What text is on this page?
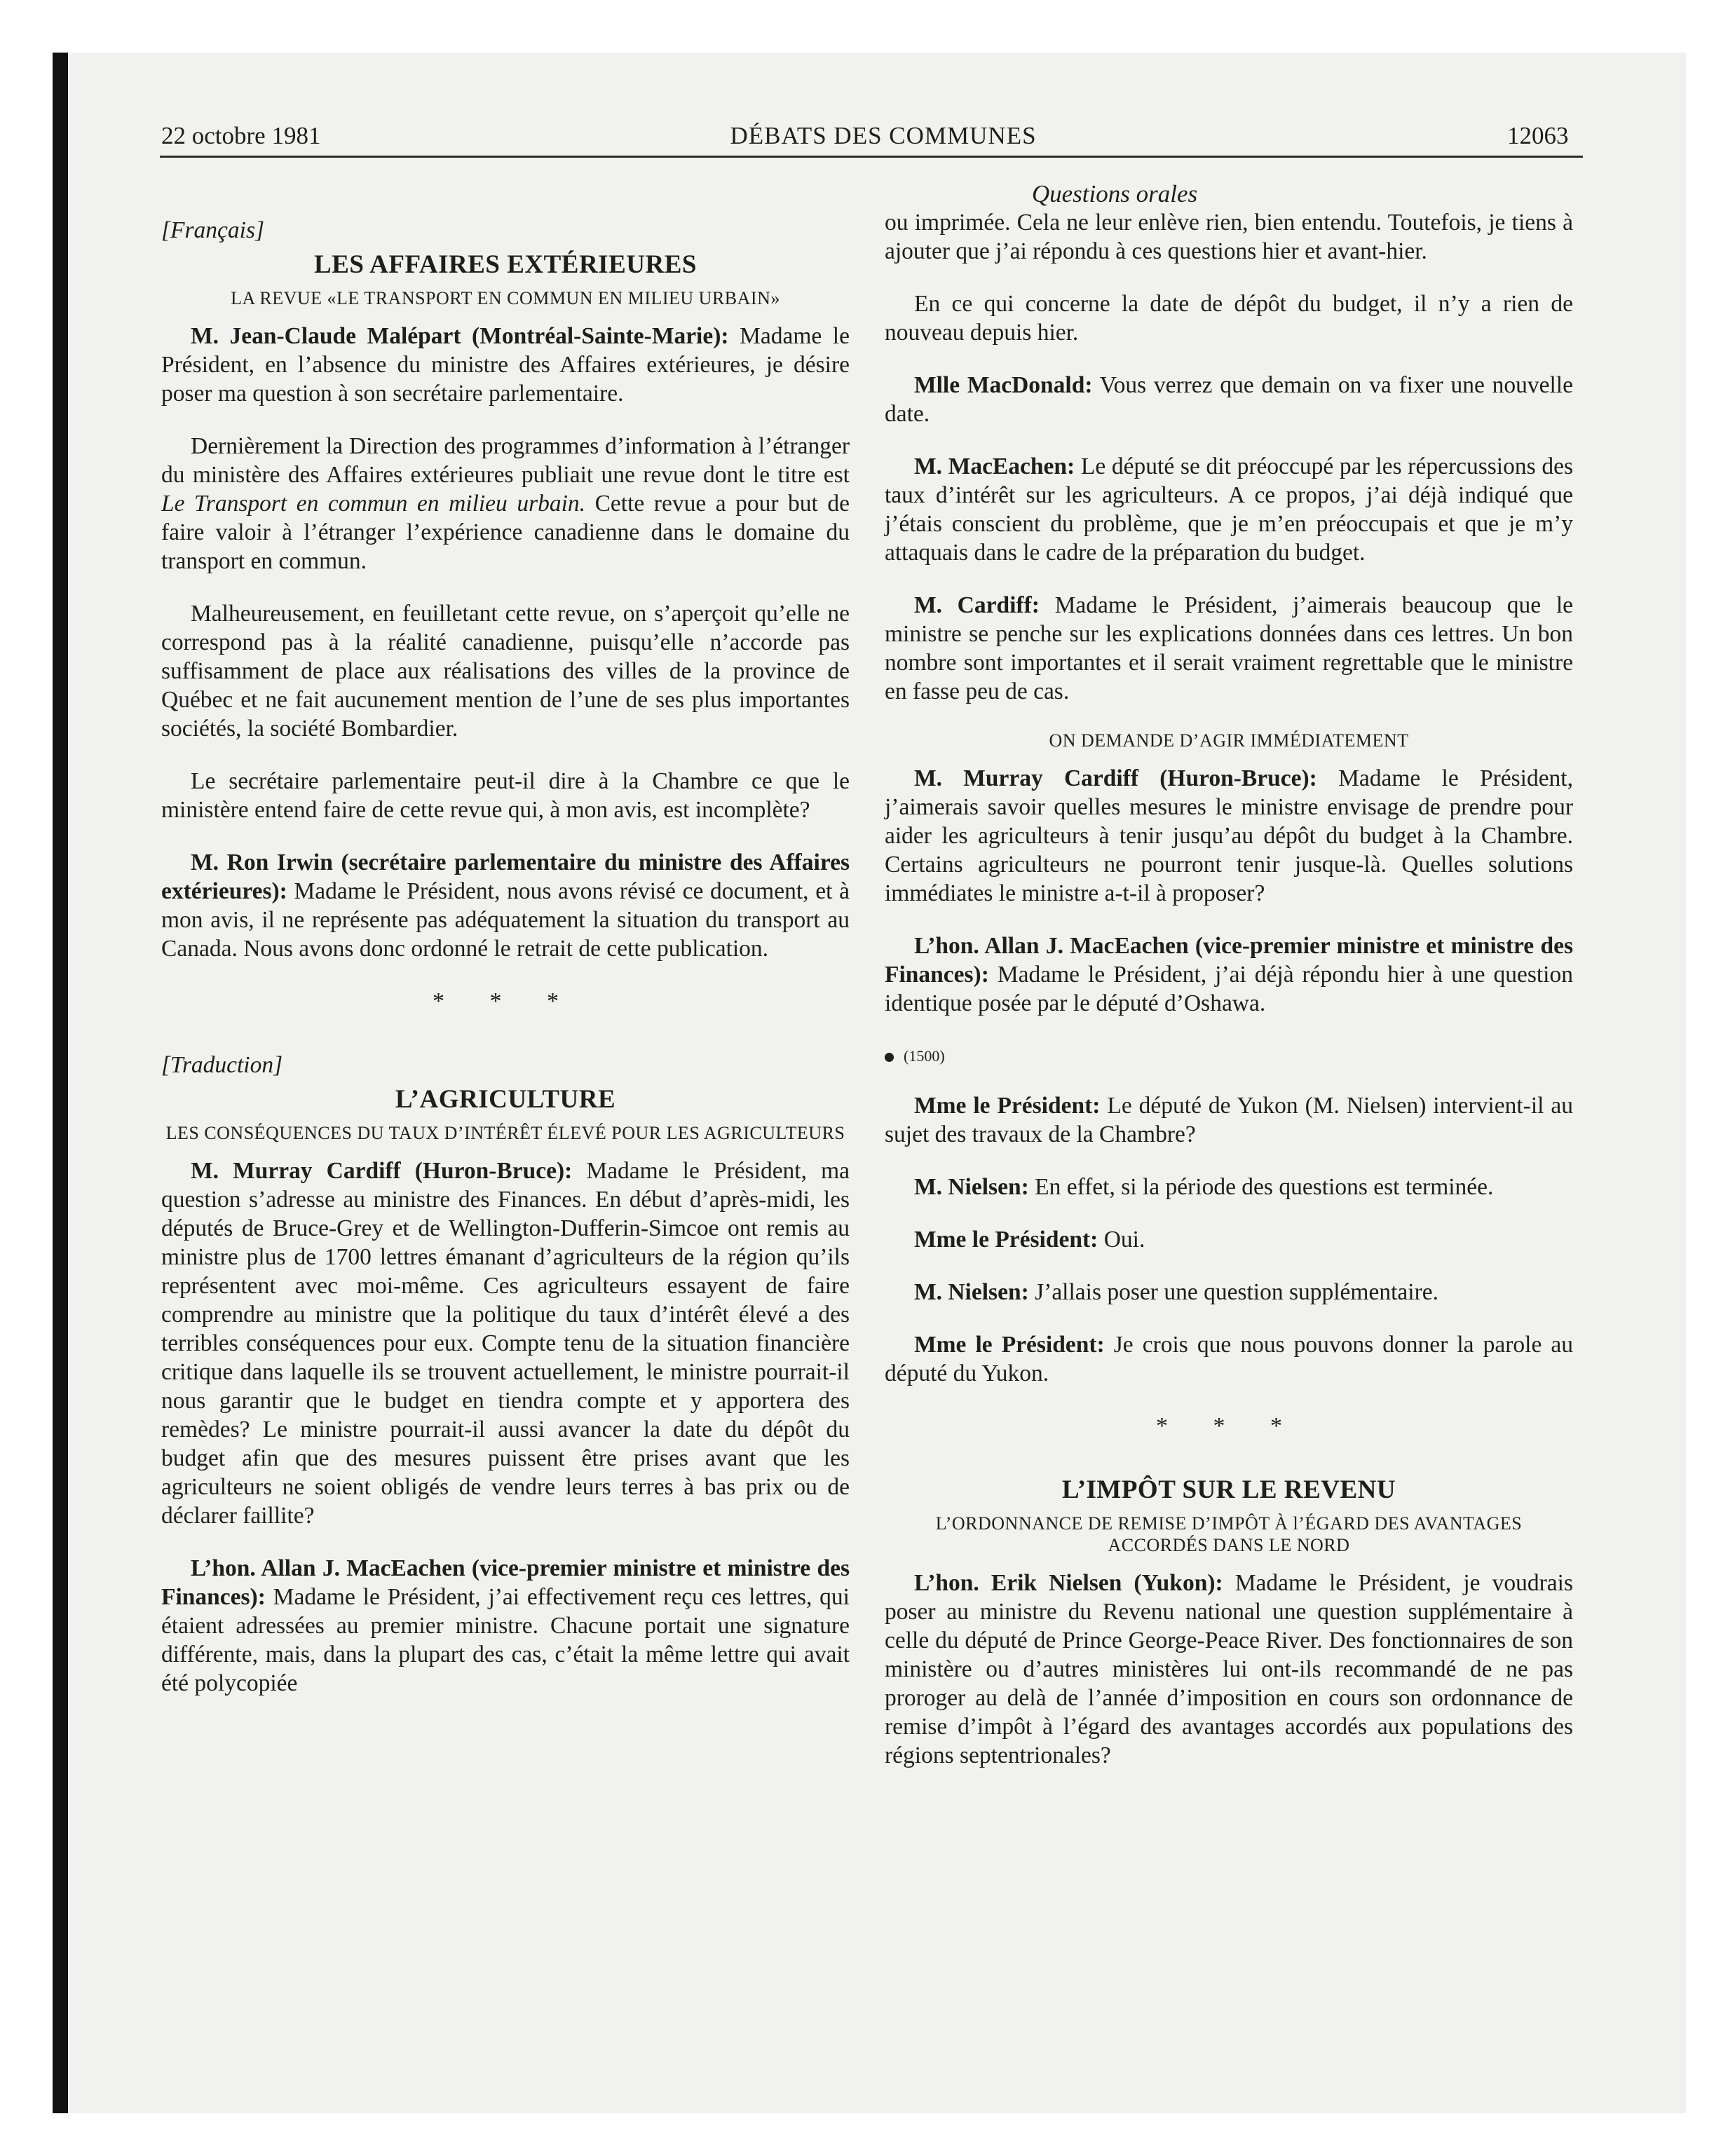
22 octobre 1981	DÉBATS DES COMMUNES	12063
Questions orales

[Français]

LES AFFAIRES EXTÉRIEURES
LA REVUE «LE TRANSPORT EN COMMUN EN MILIEU URBAIN»

M. Jean-Claude Malépart (Montréal-Sainte-Marie): Madame le Président, en l’absence du ministre des Affaires extérieures, je désire poser ma question à son secrétaire parlementaire.

Dernièrement la Direction des programmes d’information à l’étranger du ministère des Affaires extérieures publiait une revue dont le titre est Le Transport en commun en milieu urbain. Cette revue a pour but de faire valoir à l’étranger l’expérience canadienne dans le domaine du transport en commun.

Malheureusement, en feuilletant cette revue, on s’aperçoit qu’elle ne correspond pas à la réalité canadienne, puisqu’elle n’accorde pas suffisamment de place aux réalisations des villes de la province de Québec et ne fait aucunement mention de l’une de ses plus importantes sociétés, la société Bombardier.

Le secrétaire parlementaire peut-il dire à la Chambre ce que le ministère entend faire de cette revue qui, à mon avis, est incomplète?

M. Ron Irwin (secrétaire parlementaire du ministre des Affaires extérieures): Madame le Président, nous avons révisé ce document, et à mon avis, il ne représente pas adéquatement la situation du transport au Canada. Nous avons donc ordonné le retrait de cette publication.

* * *

[Traduction]

L’AGRICULTURE
LES CONSÉQUENCES DU TAUX D’INTÉRÊT ÉLEVÉ POUR LES AGRICULTEURS

M. Murray Cardiff (Huron-Bruce): Madame le Président, ma question s’adresse au ministre des Finances. En début d’après-midi, les députés de Bruce-Grey et de Wellington-Dufferin-Simcoe ont remis au ministre plus de 1700 lettres émanant d’agriculteurs de la région qu’ils représentent avec moi-même. Ces agriculteurs essayent de faire comprendre au ministre que la politique du taux d’intérêt élevé a des terribles conséquences pour eux. Compte tenu de la situation financière critique dans laquelle ils se trouvent actuellement, le ministre pourrait-il nous garantir que le budget en tiendra compte et y apportera des remèdes? Le ministre pourrait-il aussi avancer la date du dépôt du budget afin que des mesures puissent être prises avant que les agriculteurs ne soient obligés de vendre leurs terres à bas prix ou de déclarer faillite?

L’hon. Allan J. MacEachen (vice-premier ministre et ministre des Finances): Madame le Président, j’ai effectivement reçu ces lettres, qui étaient adressées au premier ministre. Chacune portait une signature différente, mais, dans la plupart des cas, c’était la même lettre qui avait été polycopiée

ou imprimée. Cela ne leur enlève rien, bien entendu. Toutefois, je tiens à ajouter que j’ai répondu à ces questions hier et avant-hier.

En ce qui concerne la date de dépôt du budget, il n’y a rien de nouveau depuis hier.

Mlle MacDonald: Vous verrez que demain on va fixer une nouvelle date.

M. MacEachen: Le député se dit préoccupé par les répercussions des taux d’intérêt sur les agriculteurs. A ce propos, j’ai déjà indiqué que j’étais conscient du problème, que je m’en préoccupais et que je m’y attaquais dans le cadre de la préparation du budget.

M. Cardiff: Madame le Président, j’aimerais beaucoup que le ministre se penche sur les explications données dans ces lettres. Un bon nombre sont importantes et il serait vraiment regrettable que le ministre en fasse peu de cas.

ON DEMANDE D’AGIR IMMÉDIATEMENT

M. Murray Cardiff (Huron-Bruce): Madame le Président, j’aimerais savoir quelles mesures le ministre envisage de prendre pour aider les agriculteurs à tenir jusqu’au dépôt du budget à la Chambre. Certains agriculteurs ne pourront tenir jusque-là. Quelles solutions immédiates le ministre a-t-il à proposer?

L’hon. Allan J. MacEachen (vice-premier ministre et ministre des Finances): Madame le Président, j’ai déjà répondu hier à une question identique posée par le député d’Oshawa.

(1500)

Mme le Président: Le député de Yukon (M. Nielsen) intervient-il au sujet des travaux de la Chambre?

M. Nielsen: En effet, si la période des questions est terminée.

Mme le Président: Oui.

M. Nielsen: J’allais poser une question supplémentaire.

Mme le Président: Je crois que nous pouvons donner la parole au député du Yukon.

* * *
L’IMPÔT SUR LE REVENU
L’ORDONNANCE DE REMISE D’IMPÔT À l’ÉGARD DES AVANTAGES ACCORDÉS DANS LE NORD

L’hon. Erik Nielsen (Yukon): Madame le Président, je voudrais poser au ministre du Revenu national une question supplémentaire à celle du député de Prince George-Peace River. Des fonctionnaires de son ministère ou d’autres ministères lui ont-ils recommandé de ne pas proroger au delà de l’année d’imposition en cours son ordonnance de remise d’impôt à l’égard des avantages accordés aux populations des régions septentrionales?
